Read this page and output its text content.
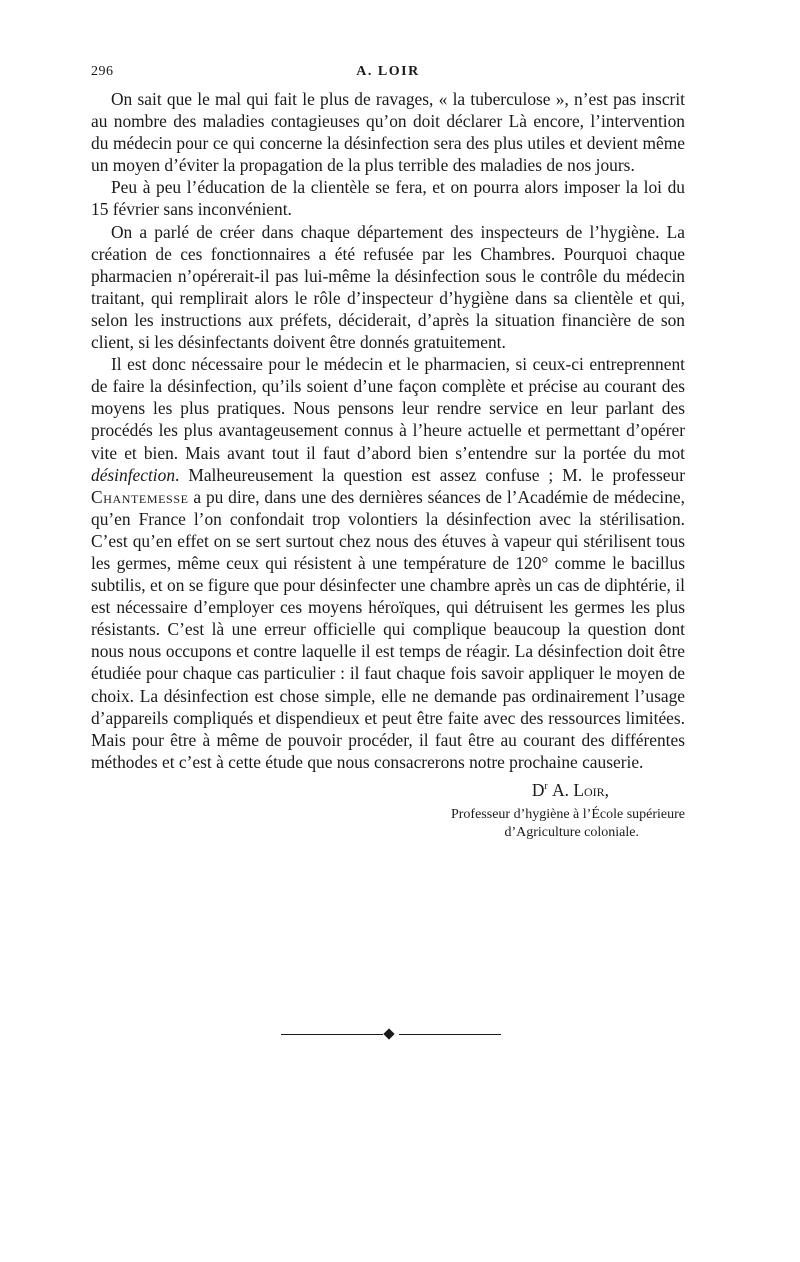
296	A. LOIR

On sait que le mal qui fait le plus de ravages, « la tuberculose », n’est pas inscrit au nombre des maladies contagieuses qu’on doit déclarer Là encore, l’intervention du médecin pour ce qui concerne la désinfection sera des plus utiles et devient même un moyen d’éviter la propagation de la plus terrible des maladies de nos jours.

Peu à peu l’éducation de la clientèle se fera, et on pourra alors imposer la loi du 15 février sans inconvénient.

On a parlé de créer dans chaque département des inspecteurs de l’hygiène. La création de ces fonctionnaires a été refusée par les Chambres. Pourquoi chaque pharmacien n’opérerait-il pas lui-même la désinfection sous le contrôle du médecin traitant, qui remplirait alors le rôle d’inspecteur d’hygiène dans sa clientèle et qui, selon les instructions aux préfets, déciderait, d’après la situation financière de son client, si les désinfectants doivent être donnés gratuitement.

Il est donc nécessaire pour le médecin et le pharmacien, si ceux-ci entreprennent de faire la désinfection, qu’ils soient d’une façon complète et précise au courant des moyens les plus pratiques. Nous pensons leur rendre service en leur parlant des procédés les plus avantageusement connus à l’heure actuelle et permettant d’opérer vite et bien. Mais avant tout il faut d’abord bien s’entendre sur la portée du mot désinfection. Malheureusement la question est assez confuse ; M. le professeur Chantemesse a pu dire, dans une des dernières séances de l’Académie de médecine, qu’en France l’on confondait trop volontiers la désinfection avec la stérilisation. C’est qu’en effet on se sert surtout chez nous des étuves à vapeur qui stérilisent tous les germes, même ceux qui résistent à une température de 120° comme le bacillus subtilis, et on se figure que pour désinfecter une chambre après un cas de diphtérie, il est nécessaire d’employer ces moyens héroïques, qui détruisent les germes les plus résistants. C’est là une erreur officielle qui complique beaucoup la question dont nous nous occupons et contre laquelle il est temps de réagir. La désinfection doit être étudiée pour chaque cas particulier : il faut chaque fois savoir appliquer le moyen de choix. La désinfection est chose simple, elle ne demande pas ordinairement l’usage d’appareils compliqués et dispendieux et peut être faite avec des ressources limitées. Mais pour être à même de pouvoir procéder, il faut être au courant des différentes méthodes et c’est à cette étude que nous consacrerons notre prochaine causerie.

$D^r$ A. Loir,
Professeur d’hygiène à l’École supérieure
d’Agriculture coloniale.
